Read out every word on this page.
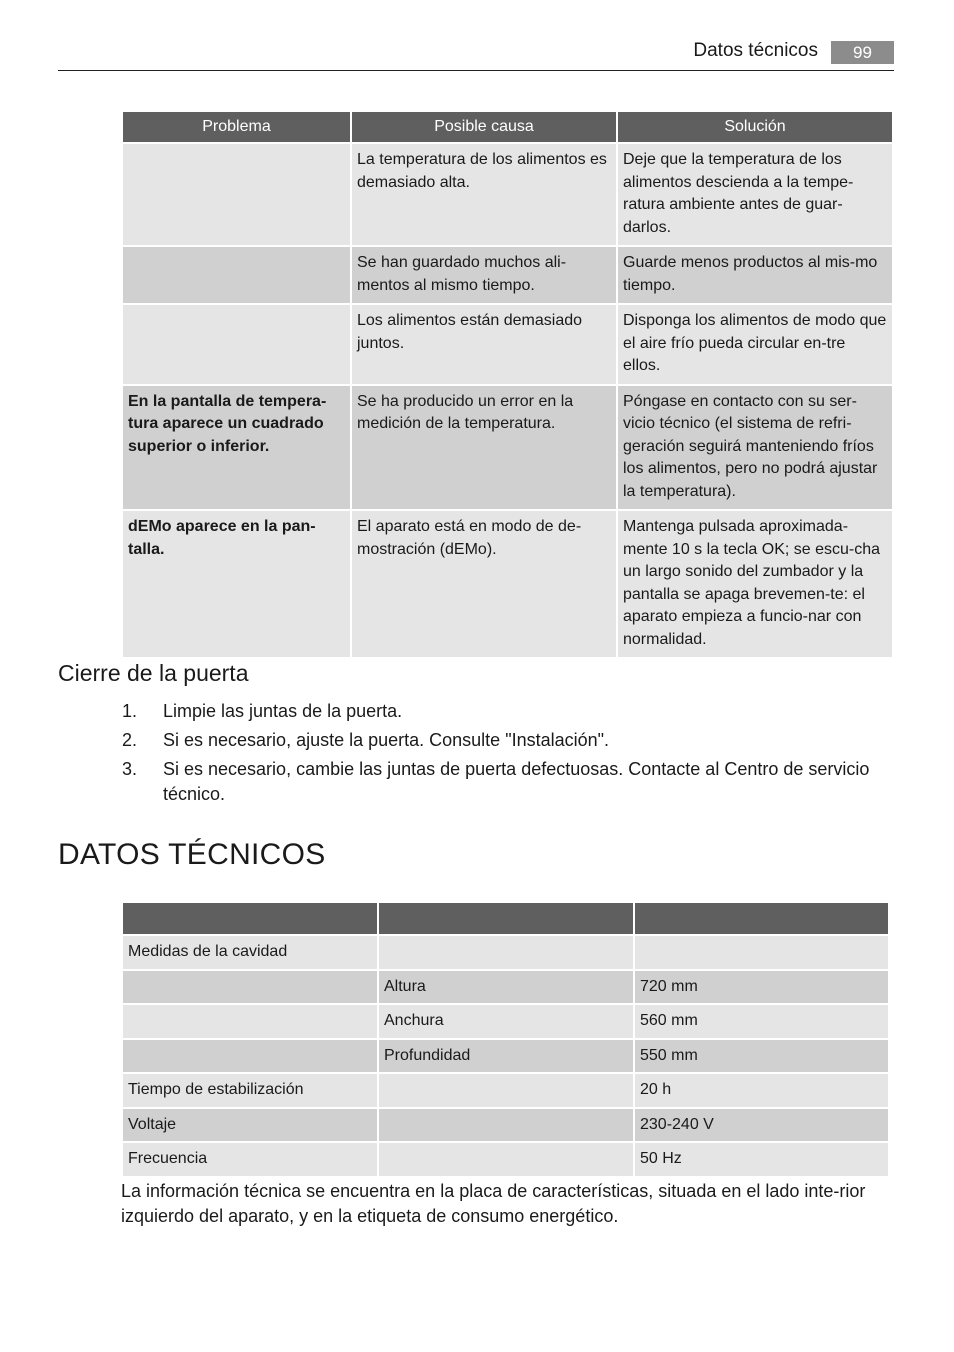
Datos técnicos	99
Problema	Posible causa	Solución
	La temperatura de los alimentos es demasiado alta.	Deje que la temperatura de los alimentos descienda a la tempe-ratura ambiente antes de guar-darlos.
	Se han guardado muchos ali-mentos al mismo tiempo.	Guarde menos productos al mis-mo tiempo.
	Los alimentos están demasiado juntos.	Disponga los alimentos de modo que el aire frío pueda circular en-tre ellos.
En la pantalla de tempera-tura aparece un cuadrado superior o inferior.	Se ha producido un error en la medición de la temperatura.	Póngase en contacto con su ser-vicio técnico (el sistema de refri-geración seguirá manteniendo fríos los alimentos, pero no podrá ajustar la temperatura).
dEMo aparece en la pan-talla.	El aparato está en modo de de-mostración (dEMo).	Mantenga pulsada aproximada-mente 10 s la tecla OK; se escu-cha un largo sonido del zumbador y la pantalla se apaga brevemen-te: el aparato empieza a funcio-nar con normalidad.
Cierre de la puerta
1. Limpie las juntas de la puerta.
2. Si es necesario, ajuste la puerta. Consulte "Instalación".
3. Si es necesario, cambie las juntas de puerta defectuosas. Contacte al Centro de servicio técnico.
DATOS TÉCNICOS

Medidas de la cavidad		
	Altura	720 mm
	Anchura	560 mm
	Profundidad	550 mm
Tiempo de estabilización		20 h
Voltaje		230-240 V
Frecuencia		50 Hz
La información técnica se encuentra en la placa de características, situada en el lado inte-rior izquierdo del aparato, y en la etiqueta de consumo energético.
